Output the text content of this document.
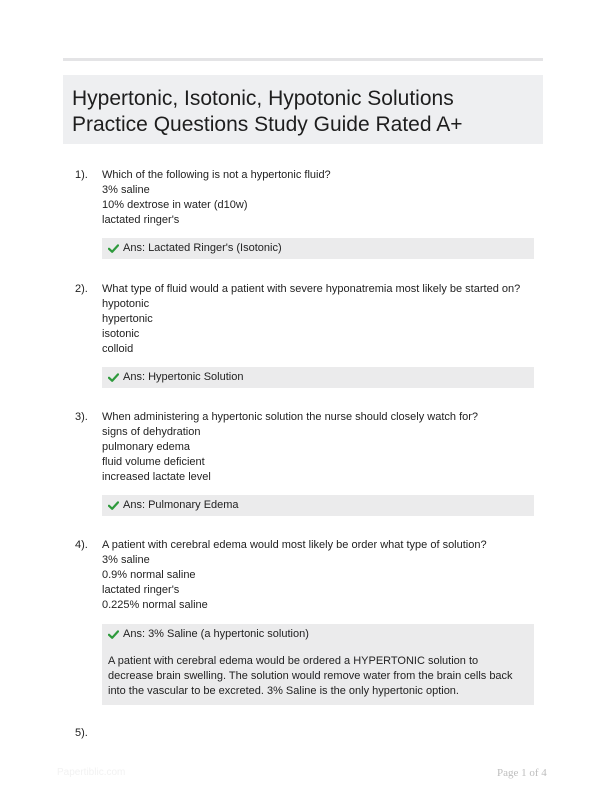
Hypertonic, Isotonic, Hypotonic Solutions
Practice Questions Study Guide Rated A+
1). Which of the following is not a hypertonic fluid?
3% saline
10% dextrose in water (d10w)
lactated ringer's
Ans: Lactated Ringer's (Isotonic)
2). What type of fluid would a patient with severe hyponatremia most likely be started on?
hypotonic
hypertonic
isotonic
colloid
Ans: Hypertonic Solution
3). When administering a hypertonic solution the nurse should closely watch for?
signs of dehydration
pulmonary edema
fluid volume deficient
increased lactate level
Ans: Pulmonary Edema
4). A patient with cerebral edema would most likely be order what type of solution?
3% saline
0.9% normal saline
lactated ringer's
0.225% normal saline
Ans: 3% Saline (a hypertonic solution)
A patient with cerebral edema would be ordered a HYPERTONIC solution to decrease brain swelling. The solution would remove water from the brain cells back into the vascular to be excreted. 3% Saline is the only hypertonic option.
5).
Papertiblic.com	Page 1 of 4
